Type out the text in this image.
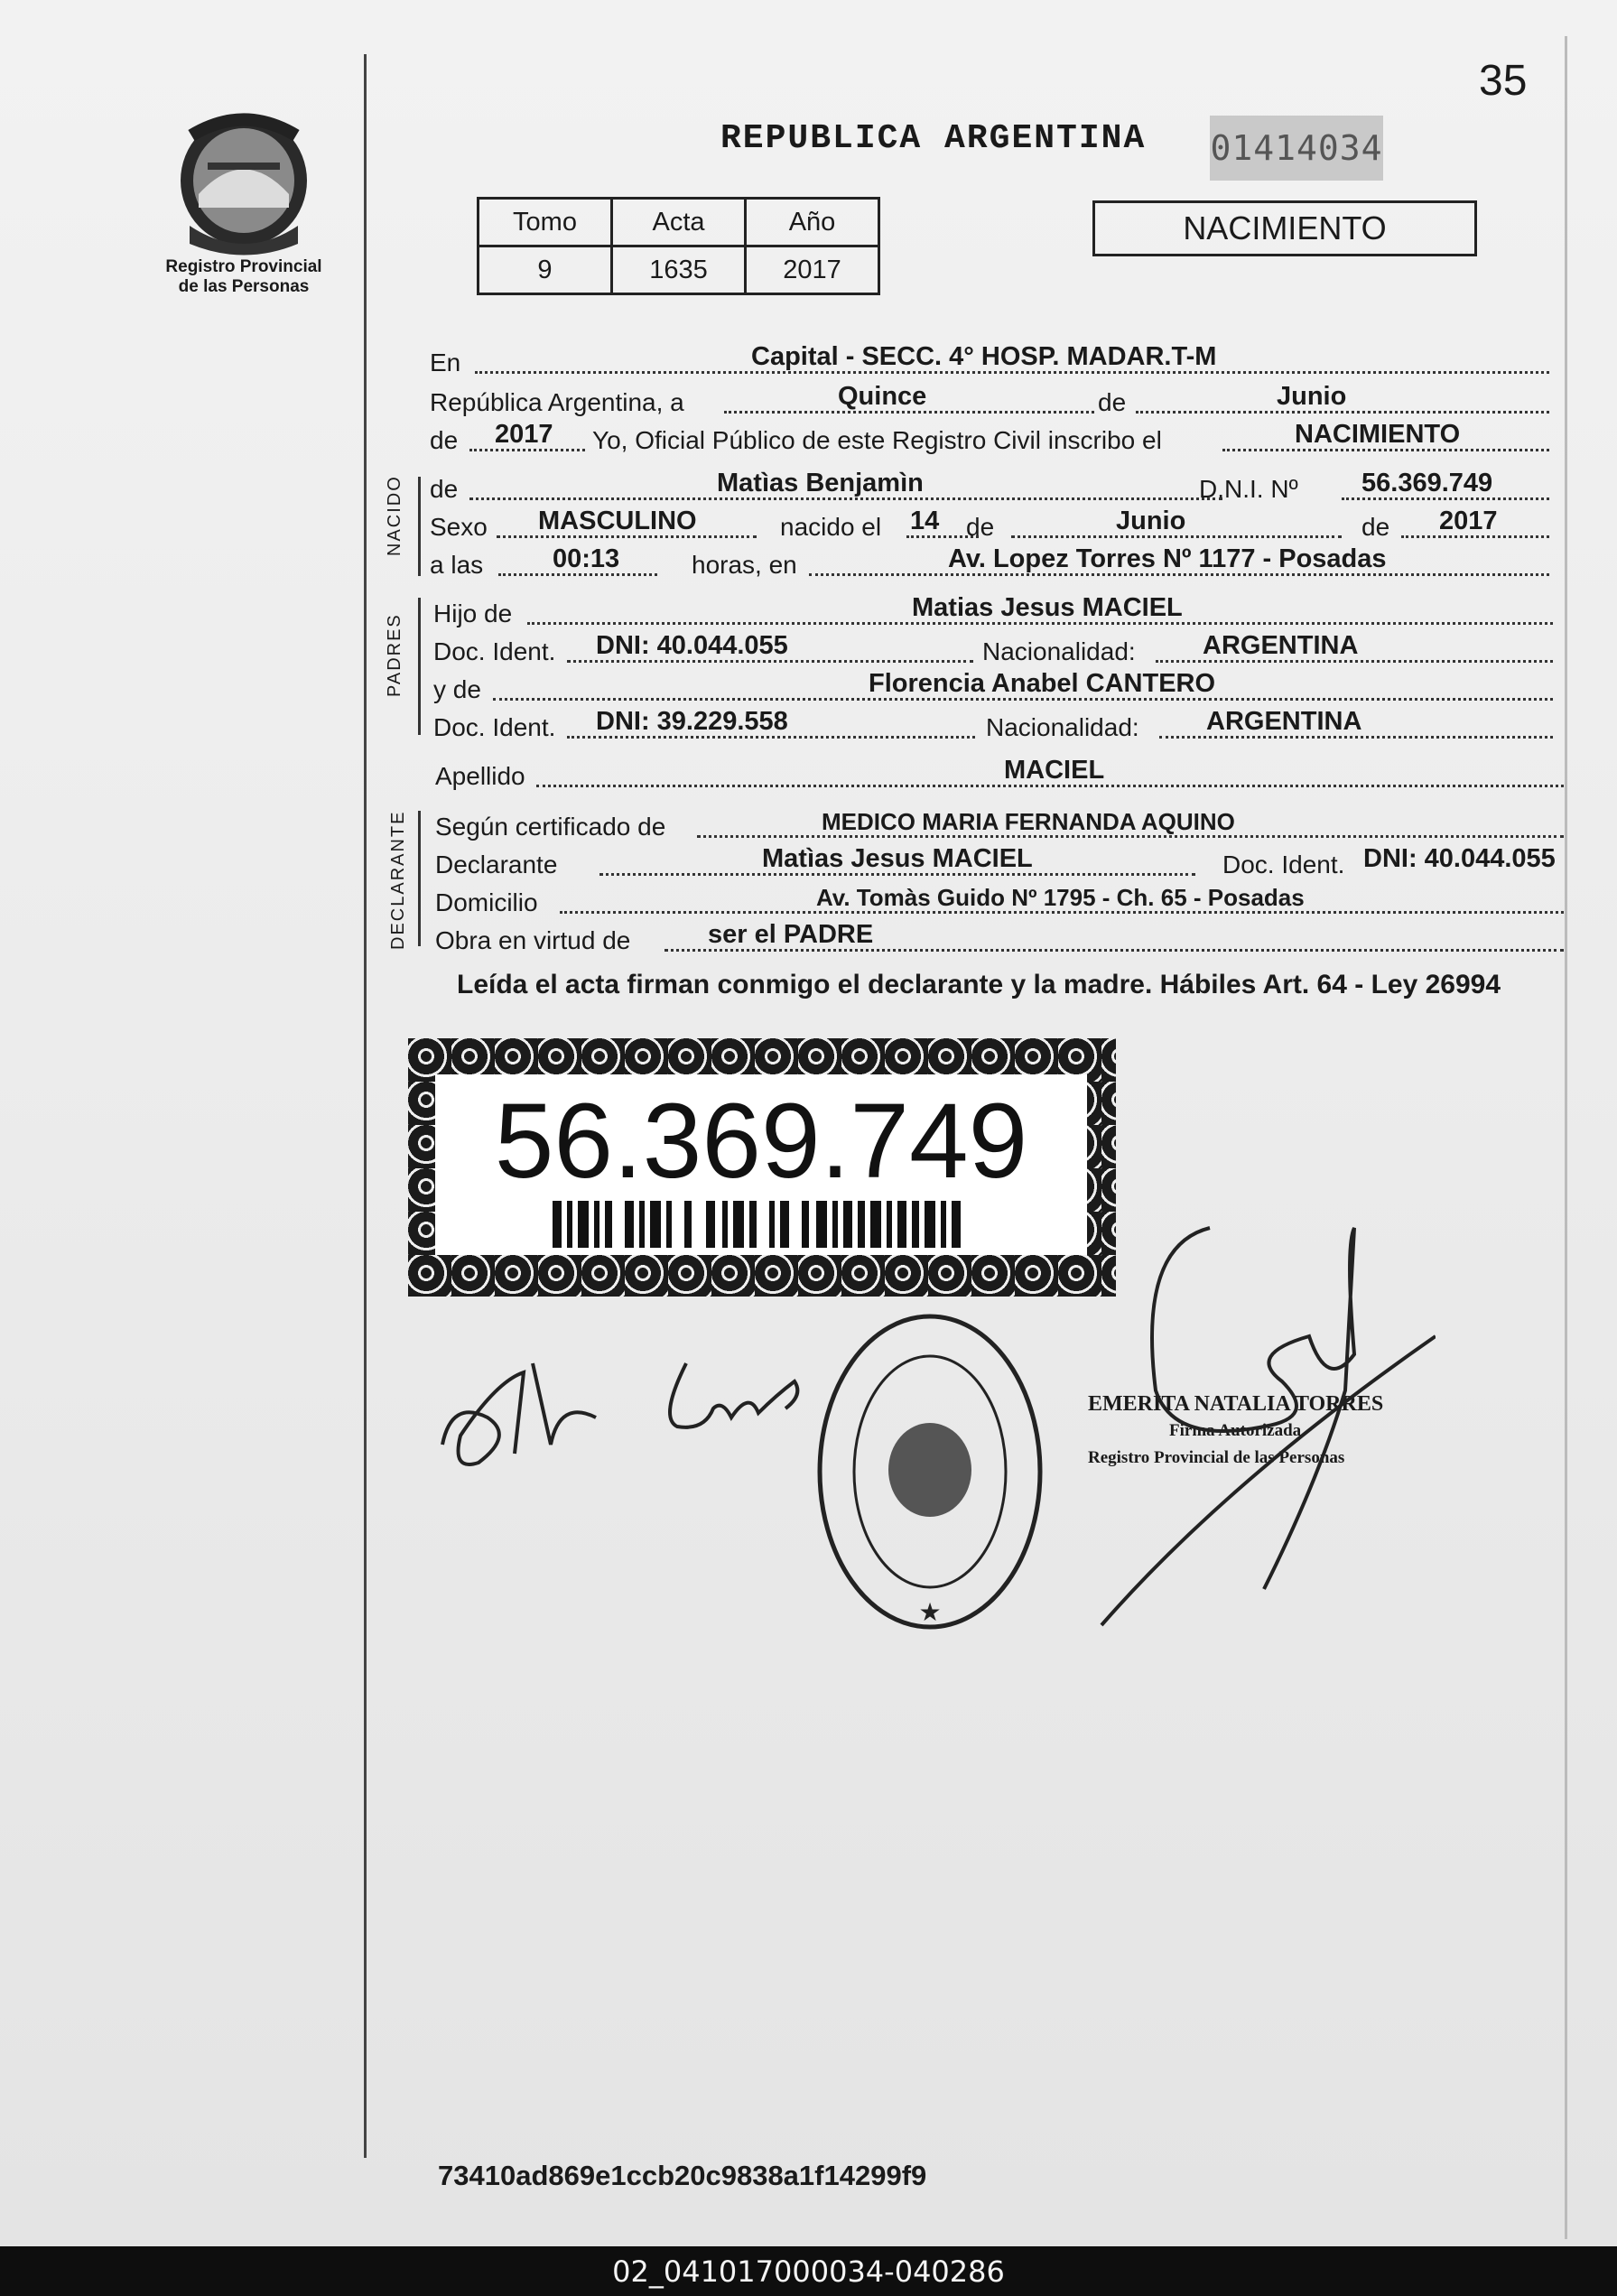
35
Registro Provincial
de las Personas
REPUBLICA ARGENTINA 01414034
Tomo	Acta	Año
9	1635	2017
NACIMIENTO
En	Capital - SECC. 4° HOSP. MADAR.T-M
República Argentina, a	Quince	de	Junio
de 2017 Yo, Oficial Público de este Registro Civil inscribo el	NACIMIENTO
NACIDO de	Matìas Benjamìn	D.N.I. Nº 56.369.749
Sexo MASCULINO	nacido el 14 de	Junio	de 2017
a las	00:13	horas, en	Av. Lopez Torres Nº 1177 - Posadas
PADRES Hijo de	Matias Jesus MACIEL
Doc. Ident. DNI: 40.044.055	Nacionalidad:	ARGENTINA
y de	Florencia Anabel CANTERO
Doc. Ident. DNI: 39.229.558	Nacionalidad:	ARGENTINA
Apellido	MACIEL
DECLARANTE Según certificado de	MEDICO MARIA FERNANDA AQUINO
Declarante	Matìas Jesus MACIEL	Doc. Ident. DNI: 40.044.055
Domicilio	Av. Tomàs Guido Nº 1795 - Ch. 65 - Posadas
Obra en virtud de	ser el PADRE
Leída el acta firman conmigo el declarante y la madre. Hábiles Art. 64 - Ley 26994
56.369.749
★
EMERITA NATALIA TORRES
Firma Autorizada
Registro Provincial de las Personas
73410ad869e1ccb20c9838a1f14299f9
02_041017000034-040286
